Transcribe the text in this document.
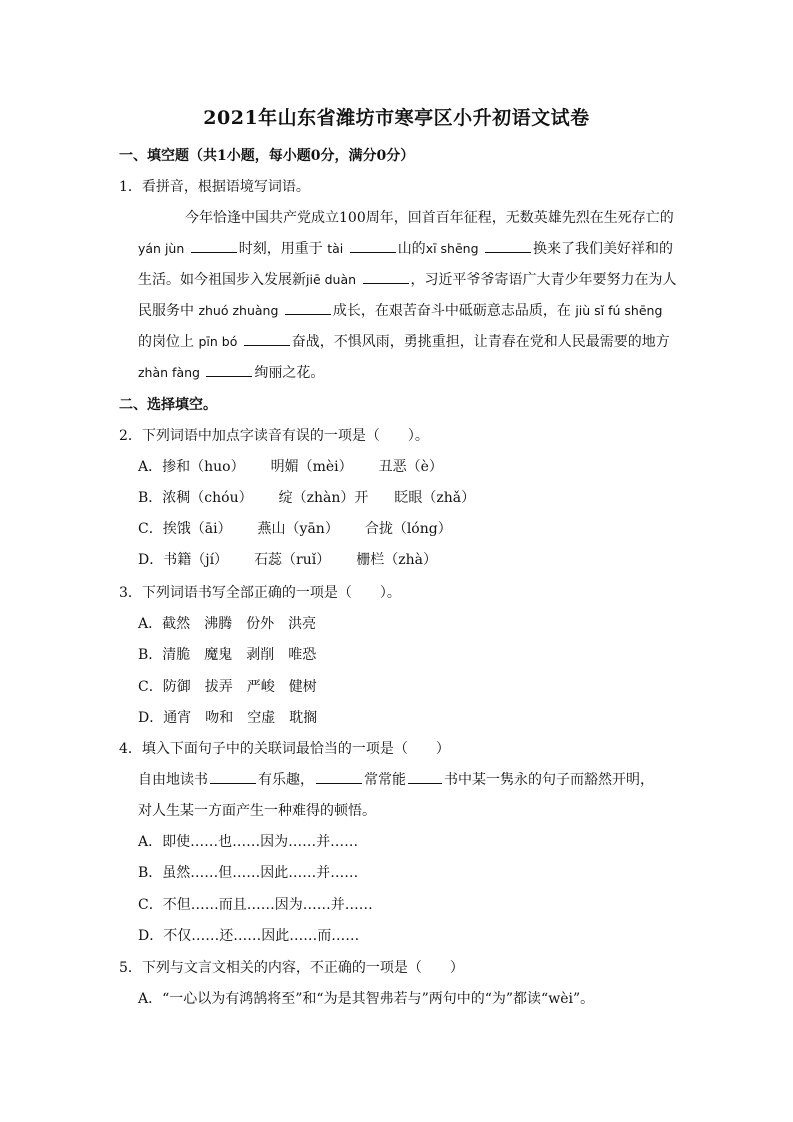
2021年山东省潍坊市寒亭区小升初语文试卷
一、填空题（共1小题，每小题0分，满分0分）
1．看拼音，根据语境写词语。
今年恰逢中国共产党成立100周年，回首百年征程，无数英雄先烈在生死存亡的
yán jùn	时刻，用重于 tài	山的xī shēng	换来了我们美好祥和的
生活。如今祖国步入发展新jiē duàn	，习近平爷爷寄语广大青少年要努力在为人
民服务中 zhuó zhuàng	成长，在艰苦奋斗中砥砺意志品质，在 jiù sǐ fú shēng
的岗位上 pīn bó	奋战，不惧风雨，勇挑重担，让青春在党和人民最需要的地方
zhàn fàng	绚丽之花。
二、选择填空。
2．下列词语中加点字读音有误的一项是（　　）。
A．掺和（huo） 明媚（mèi） 丑恶（è）
B．浓稠（chóu） 绽（zhàn）开 眨眼（zhǎ）
C．挨饿（āi） 燕山（yān） 合拢（lóng）
D．书籍（jí） 石蕊（ruǐ） 栅栏（zhà）
3．下列词语书写全部正确的一项是（　　）。
A．截然　沸腾　份外　洪亮
B．清脆　魔鬼　剥削　唯恐
C．防御　拔弄　严峻　健树
D．通宵　吻和　空虚　耽搁
4．填入下面句子中的关联词最恰当的一项是（　　）
自由地读书	有乐趣，	常常能	书中某一隽永的句子而豁然开明，
对人生某一方面产生一种难得的顿悟。
A．即使……也……因为……并……
B．虽然……但……因此……并……
C．不但……而且……因为……并……
D．不仅……还……因此……而……
5．下列与文言文相关的内容，不正确的一项是（　　）
A．“一心以为有鸿鹄将至”和“为是其智弗若与”两句中的“为”都读“wèi”。
